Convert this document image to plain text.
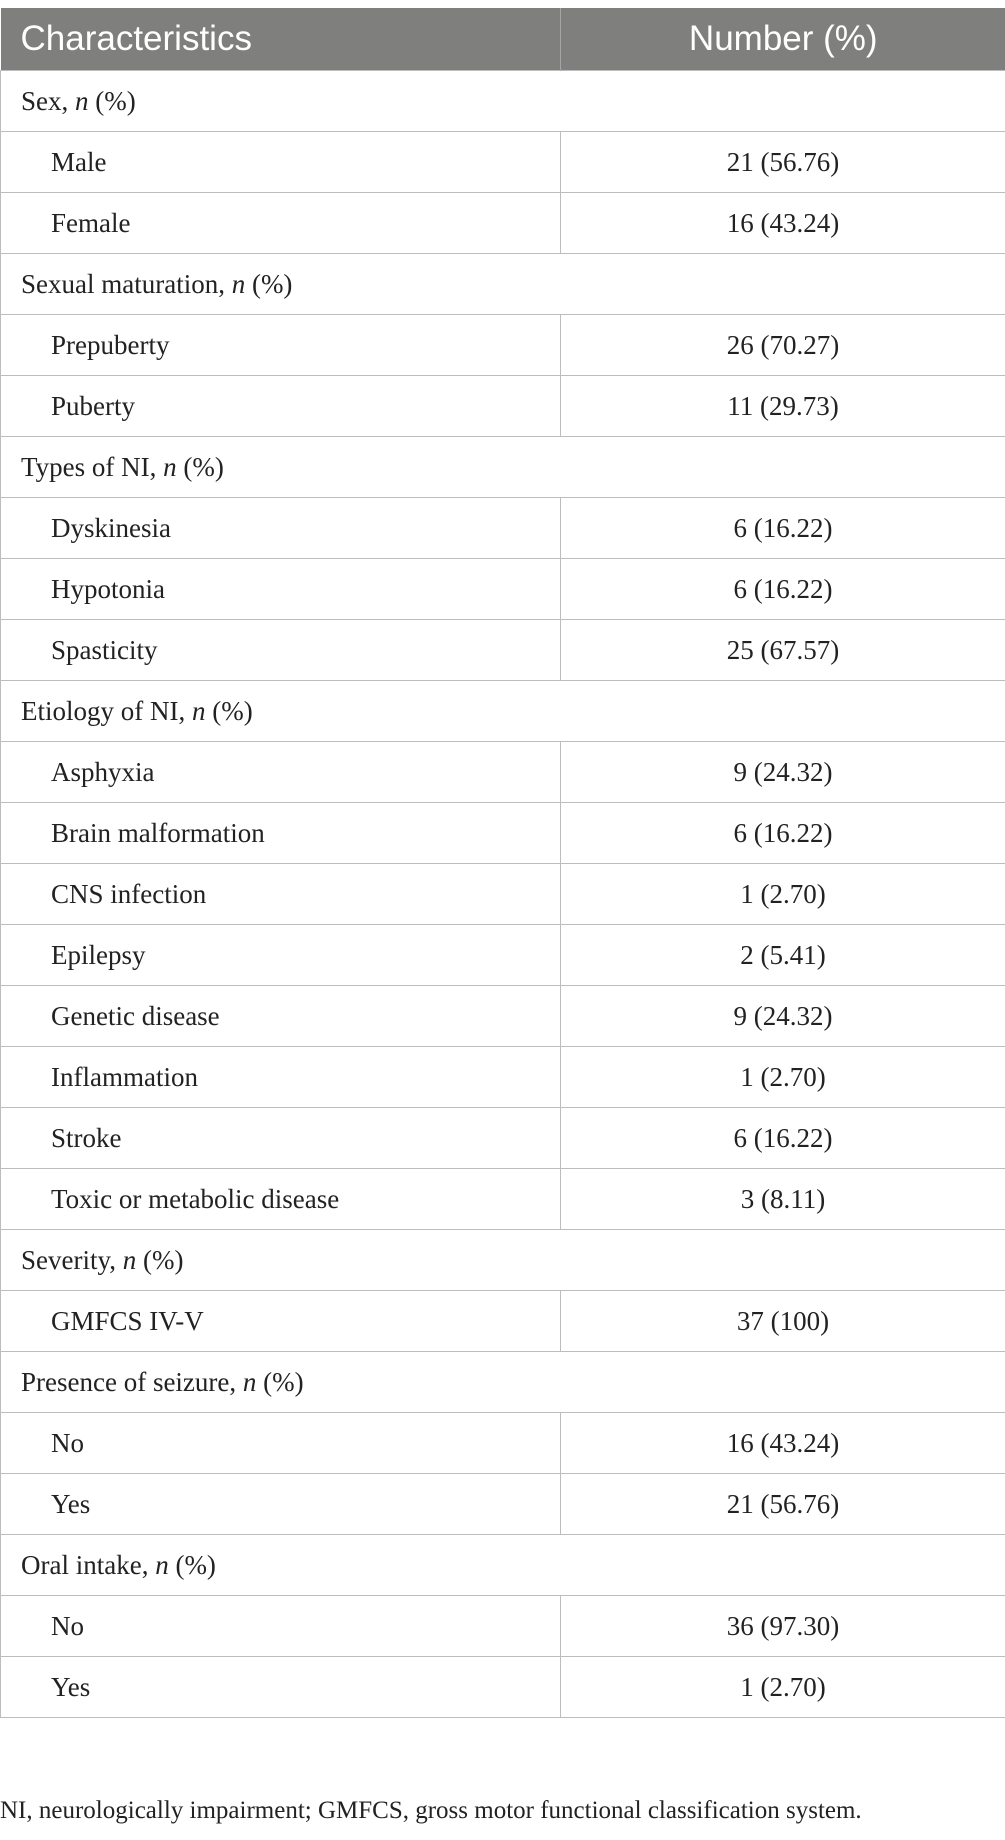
Characteristics	Number (%)
Sex, n (%)	
Male	21 (56.76)
Female	16 (43.24)
Sexual maturation, n (%)	
Prepuberty	26 (70.27)
Puberty	11 (29.73)
Types of NI, n (%)	
Dyskinesia	6 (16.22)
Hypotonia	6 (16.22)
Spasticity	25 (67.57)
Etiology of NI, n (%)	
Asphyxia	9 (24.32)
Brain malformation	6 (16.22)
CNS infection	1 (2.70)
Epilepsy	2 (5.41)
Genetic disease	9 (24.32)
Inflammation	1 (2.70)
Stroke	6 (16.22)
Toxic or metabolic disease	3 (8.11)
Severity, n (%)	
GMFCS IV-V	37 (100)
Presence of seizure, n (%)	
No	16 (43.24)
Yes	21 (56.76)
Oral intake, n (%)	
No	36 (97.30)
Yes	1 (2.70)
NI, neurologically impairment; GMFCS, gross motor functional classification system.
